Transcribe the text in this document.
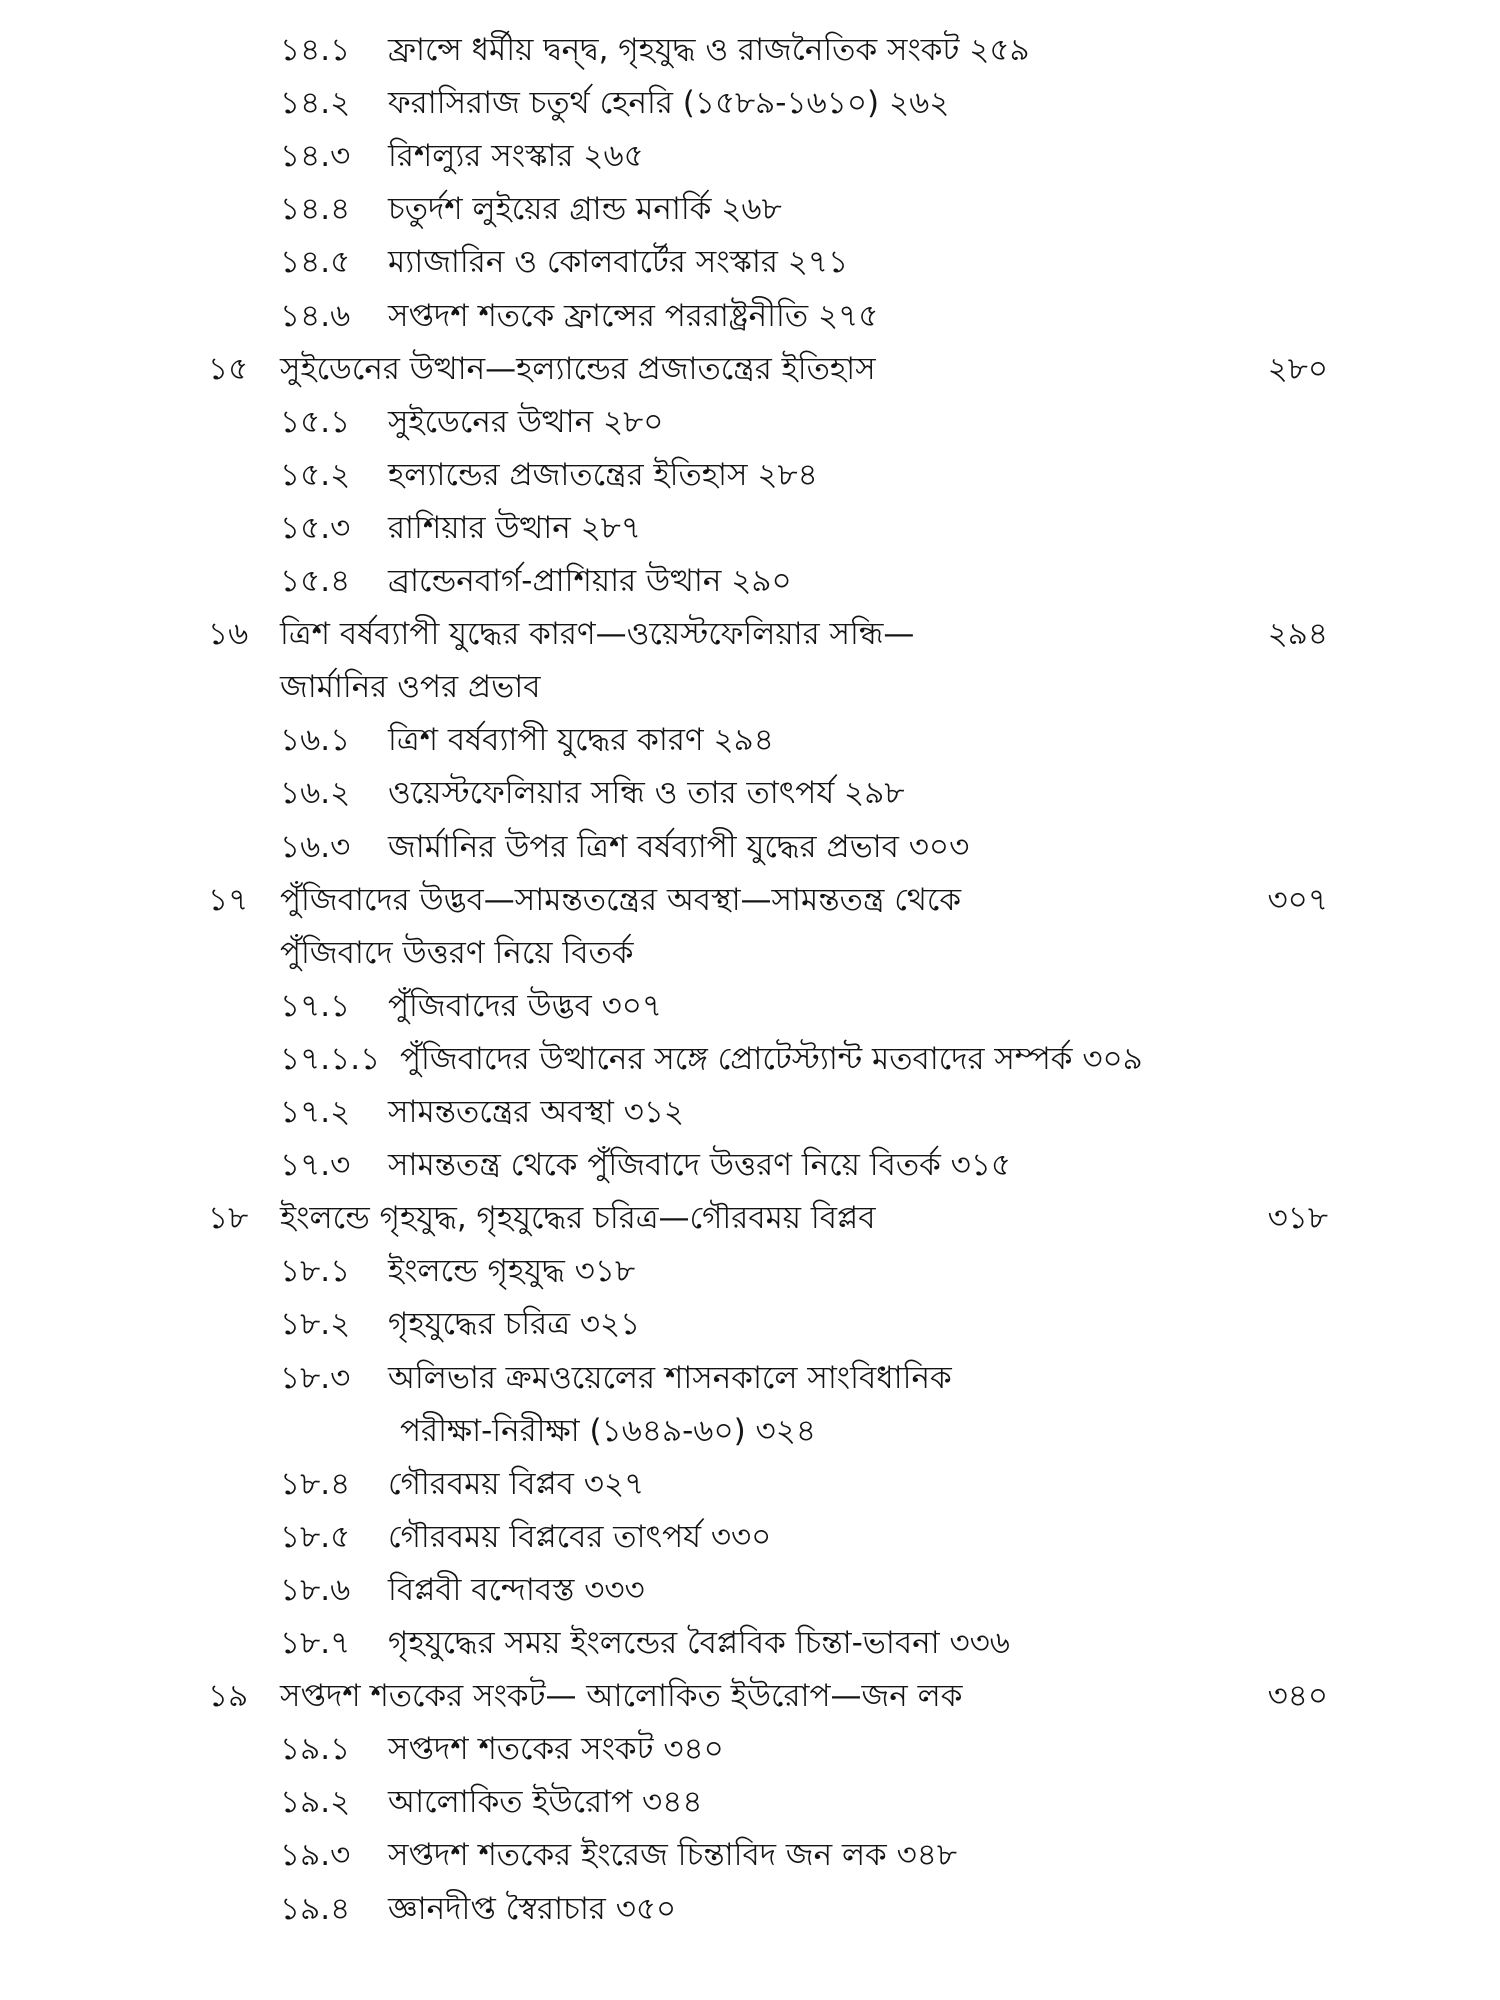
১৪.১ ফ্রান্সে ধর্মীয় দ্বন্দ্ব, গৃহযুদ্ধ ও রাজনৈতিক সংকট ২৫৯
১৪.২ ফরাসিরাজ চতুর্থ হেনরি (১৫৮৯-১৬১০) ২৬২
১৪.৩ রিশল্যুর সংস্কার ২৬৫
১৪.৪ চতুর্দশ লুইয়ের গ্রান্ড মনার্কি ২৬৮
১৪.৫ ম্যাজারিন ও কোলবার্টের সংস্কার ২৭১
১৪.৬ সপ্তদশ শতকে ফ্রান্সের পররাষ্ট্রনীতি ২৭৫
১৫ সুইডেনের উত্থান—হল্যান্ডের প্রজাতন্ত্রের ইতিহাস	২৮০
১৫.১ সুইডেনের উত্থান ২৮০
১৫.২ হল্যান্ডের প্রজাতন্ত্রের ইতিহাস ২৮৪
১৫.৩ রাশিয়ার উত্থান ২৮৭
১৫.৪ ব্রান্ডেনবার্গ-প্রাশিয়ার উত্থান ২৯০
১৬ ত্রিশ বর্ষব্যাপী যুদ্ধের কারণ—ওয়েস্টফেলিয়ার সন্ধি—	২৯৪
জার্মানির ওপর প্রভাব
১৬.১ ত্রিশ বর্ষব্যাপী যুদ্ধের কারণ ২৯৪
১৬.২ ওয়েস্টফেলিয়ার সন্ধি ও তার তাৎপর্য ২৯৮
১৬.৩ জার্মানির উপর ত্রিশ বর্ষব্যাপী যুদ্ধের প্রভাব ৩০৩
১৭ পুঁজিবাদের উদ্ভব—সামন্ততন্ত্রের অবস্থা—সামন্ততন্ত্র থেকে	৩০৭
পুঁজিবাদে উত্তরণ নিয়ে বিতর্ক
১৭.১ পুঁজিবাদের উদ্ভব ৩০৭
১৭.১.১ পুঁজিবাদের উত্থানের সঙ্গে প্রোটেস্ট্যান্ট মতবাদের সম্পর্ক ৩০৯
১৭.২ সামন্ততন্ত্রের অবস্থা ৩১২
১৭.৩ সামন্ততন্ত্র থেকে পুঁজিবাদে উত্তরণ নিয়ে বিতর্ক ৩১৫
১৮ ইংলন্ডে গৃহযুদ্ধ, গৃহযুদ্ধের চরিত্র—গৌরবময় বিপ্লব	৩১৮
১৮.১ ইংলন্ডে গৃহযুদ্ধ ৩১৮
১৮.২ গৃহযুদ্ধের চরিত্র ৩২১
১৮.৩ অলিভার ক্রমওয়েলের শাসনকালে সাংবিধানিক
পরীক্ষা-নিরীক্ষা (১৬৪৯-৬০) ৩২৪
১৮.৪ গৌরবময় বিপ্লব ৩২৭
১৮.৫ গৌরবময় বিপ্লবের তাৎপর্য ৩৩০
১৮.৬ বিপ্লবী বন্দোবস্ত ৩৩৩
১৮.৭ গৃহযুদ্ধের সময় ইংলন্ডের বৈপ্লবিক চিন্তা-ভাবনা ৩৩৬
১৯ সপ্তদশ শতকের সংকট— আলোকিত ইউরোপ—জন লক	৩৪০
১৯.১ সপ্তদশ শতকের সংকট ৩৪০
১৯.২ আলোকিত ইউরোপ ৩৪৪
১৯.৩ সপ্তদশ শতকের ইংরেজ চিন্তাবিদ জন লক ৩৪৮
১৯.৪ জ্ঞানদীপ্ত স্বৈরাচার ৩৫০
